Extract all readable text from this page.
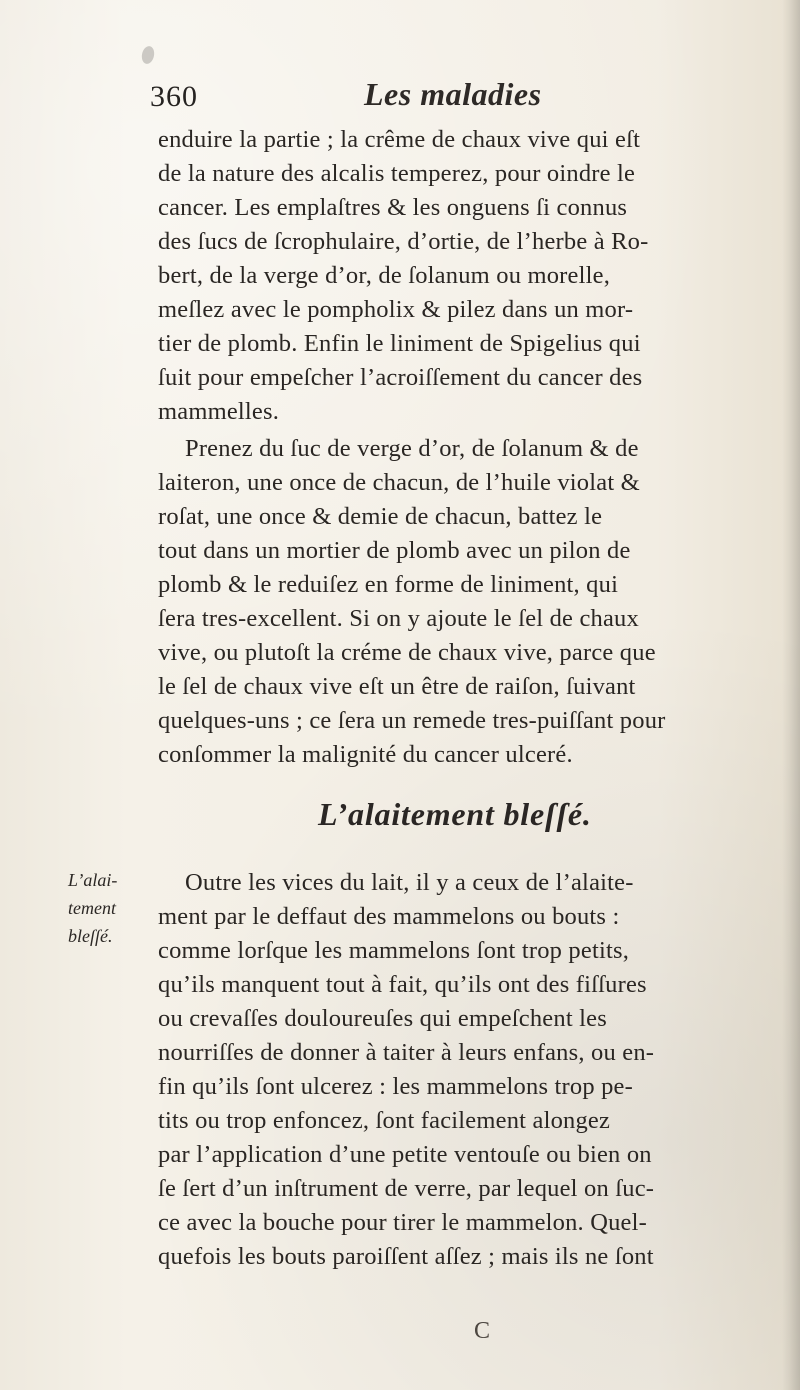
360	Les maladies
enduire la partie ; la crême de chaux vive qui eſt
de la nature des alcalis temperez, pour oindre le
cancer. Les emplaſtres & les onguens ſi connus
des ſucs de ſcrophulaire, d’ortie, de l’herbe à Ro-
bert, de la verge d’or, de ſolanum ou morelle,
meſlez avec le pompholix & pilez dans un mor-
tier de plomb. Enfin le liniment de Spigelius qui
ſuit pour empeſcher l’acroiſſement du cancer des
mammelles.
Prenez du ſuc de verge d’or, de ſolanum & de
laiteron, une once de chacun, de l’huile violat &
roſat, une once & demie de chacun, battez le
tout dans un mortier de plomb avec un pilon de
plomb & le reduiſez en forme de liniment, qui
ſera tres-excellent. Si on y ajoute le ſel de chaux
vive, ou plutoſt la créme de chaux vive, parce que
le ſel de chaux vive eſt un être de raiſon, ſuivant
quelques-uns ; ce ſera un remede tres-puiſſant pour
conſommer la malignité du cancer ulceré.
L’alaitement bleſſé.
L’alai-
tement
bleſſé.
Outre les vices du lait, il y a ceux de l’alaite-
ment par le deffaut des mammelons ou bouts :
comme lorſque les mammelons ſont trop petits,
qu’ils manquent tout à fait, qu’ils ont des fiſſures
ou crevaſſes douloureuſes qui empeſchent les
nourriſſes de donner à taiter à leurs enfans, ou en-
fin qu’ils ſont ulcerez : les mammelons trop pe-
tits ou trop enfoncez, ſont facilement alongez
par l’application d’une petite ventouſe ou bien on
ſe ſert d’un inſtrument de verre, par lequel on ſuc-
ce avec la bouche pour tirer le mammelon. Quel-
quefois les bouts paroiſſent aſſez ; mais ils ne ſont
C
